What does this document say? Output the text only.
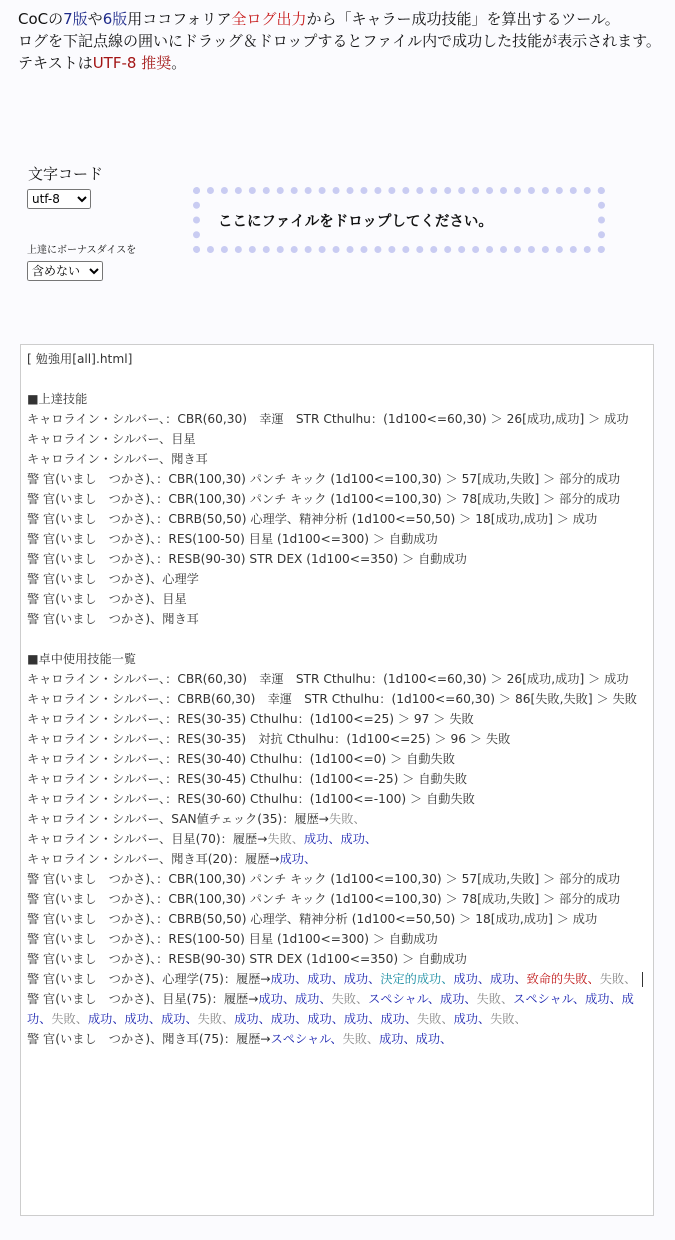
CoCの7版や6版用ココフォリア全ログ出力から「キャラー成功技能」を算出するツール。
ログを下記点線の囲いにドラッグ＆ドロップするとファイル内で成功した技能が表示されます。 テキストはUTF-8 推奨。

文字コード
utf-8
上達にボーナスダイスを
含めない
ここにファイルをドロップしてください。
[ 勉強用[all].html]
■上達技能
キャロライン・シルバー、：CBR(60,30)　幸運　STR Cthulhu：(1d100<=60,30) ＞ 26[成功,成功] ＞ 成功
キャロライン・シルバー、目星
キャロライン・シルバー、聞き耳
警 官(いまし　つかさ)、：CBR(100,30) パンチ キック (1d100<=100,30) ＞ 57[成功,失敗] ＞ 部分的成功
警 官(いまし　つかさ)、：CBR(100,30) パンチ キック (1d100<=100,30) ＞ 78[成功,失敗] ＞ 部分的成功
警 官(いまし　つかさ)、：CBRB(50,50) 心理学、精神分析 (1d100<=50,50) ＞ 18[成功,成功] ＞ 成功
警 官(いまし　つかさ)、：RES(100-50) 目星 (1d100<=300) ＞ 自動成功
警 官(いまし　つかさ)、：RESB(90-30) STR DEX (1d100<=350) ＞ 自動成功
警 官(いまし　つかさ)、心理学
警 官(いまし　つかさ)、目星
警 官(いまし　つかさ)、聞き耳
■卓中使用技能一覧
キャロライン・シルバー、：CBR(60,30)　幸運　STR Cthulhu：(1d100<=60,30) ＞ 26[成功,成功] ＞ 成功
キャロライン・シルバー、：CBRB(60,30)　幸運　STR Cthulhu：(1d100<=60,30) ＞ 86[失敗,失敗] ＞ 失敗
キャロライン・シルバー、：RES(30-35) Cthulhu：(1d100<=25) ＞ 97 ＞ 失敗
キャロライン・シルバー、：RES(30-35)　対抗 Cthulhu：(1d100<=25) ＞ 96 ＞ 失敗
キャロライン・シルバー、：RES(30-40) Cthulhu：(1d100<=0) ＞ 自動失敗
キャロライン・シルバー、：RES(30-45) Cthulhu：(1d100<=-25) ＞ 自動失敗
キャロライン・シルバー、：RES(30-60) Cthulhu：(1d100<=-100) ＞ 自動失敗
キャロライン・シルバー、SAN値チェック(35)：履歴→失敗、
キャロライン・シルバー、目星(70)：履歴→失敗、成功、成功、
キャロライン・シルバー、聞き耳(20)：履歴→成功、
警 官(いまし　つかさ)、：CBR(100,30) パンチ キック (1d100<=100,30) ＞ 57[成功,失敗] ＞ 部分的成功
警 官(いまし　つかさ)、：CBR(100,30) パンチ キック (1d100<=100,30) ＞ 78[成功,失敗] ＞ 部分的成功
警 官(いまし　つかさ)、：CBRB(50,50) 心理学、精神分析 (1d100<=50,50) ＞ 18[成功,成功] ＞ 成功
警 官(いまし　つかさ)、：RES(100-50) 目星 (1d100<=300) ＞ 自動成功
警 官(いまし　つかさ)、：RESB(90-30) STR DEX (1d100<=350) ＞ 自動成功
警 官(いまし　つかさ)、心理学(75)：履歴→成功、成功、成功、決定的成功、成功、成功、致命的失敗、失敗、
警 官(いまし　つかさ)、目星(75)：履歴→成功、成功、失敗、スペシャル、成功、失敗、スペシャル、成功、成功、失敗、成功、成功、成功、失敗、成功、成功、成功、成功、成功、失敗、成功、失敗、
警 官(いまし　つかさ)、聞き耳(75)：履歴→スペシャル、失敗、成功、成功、
